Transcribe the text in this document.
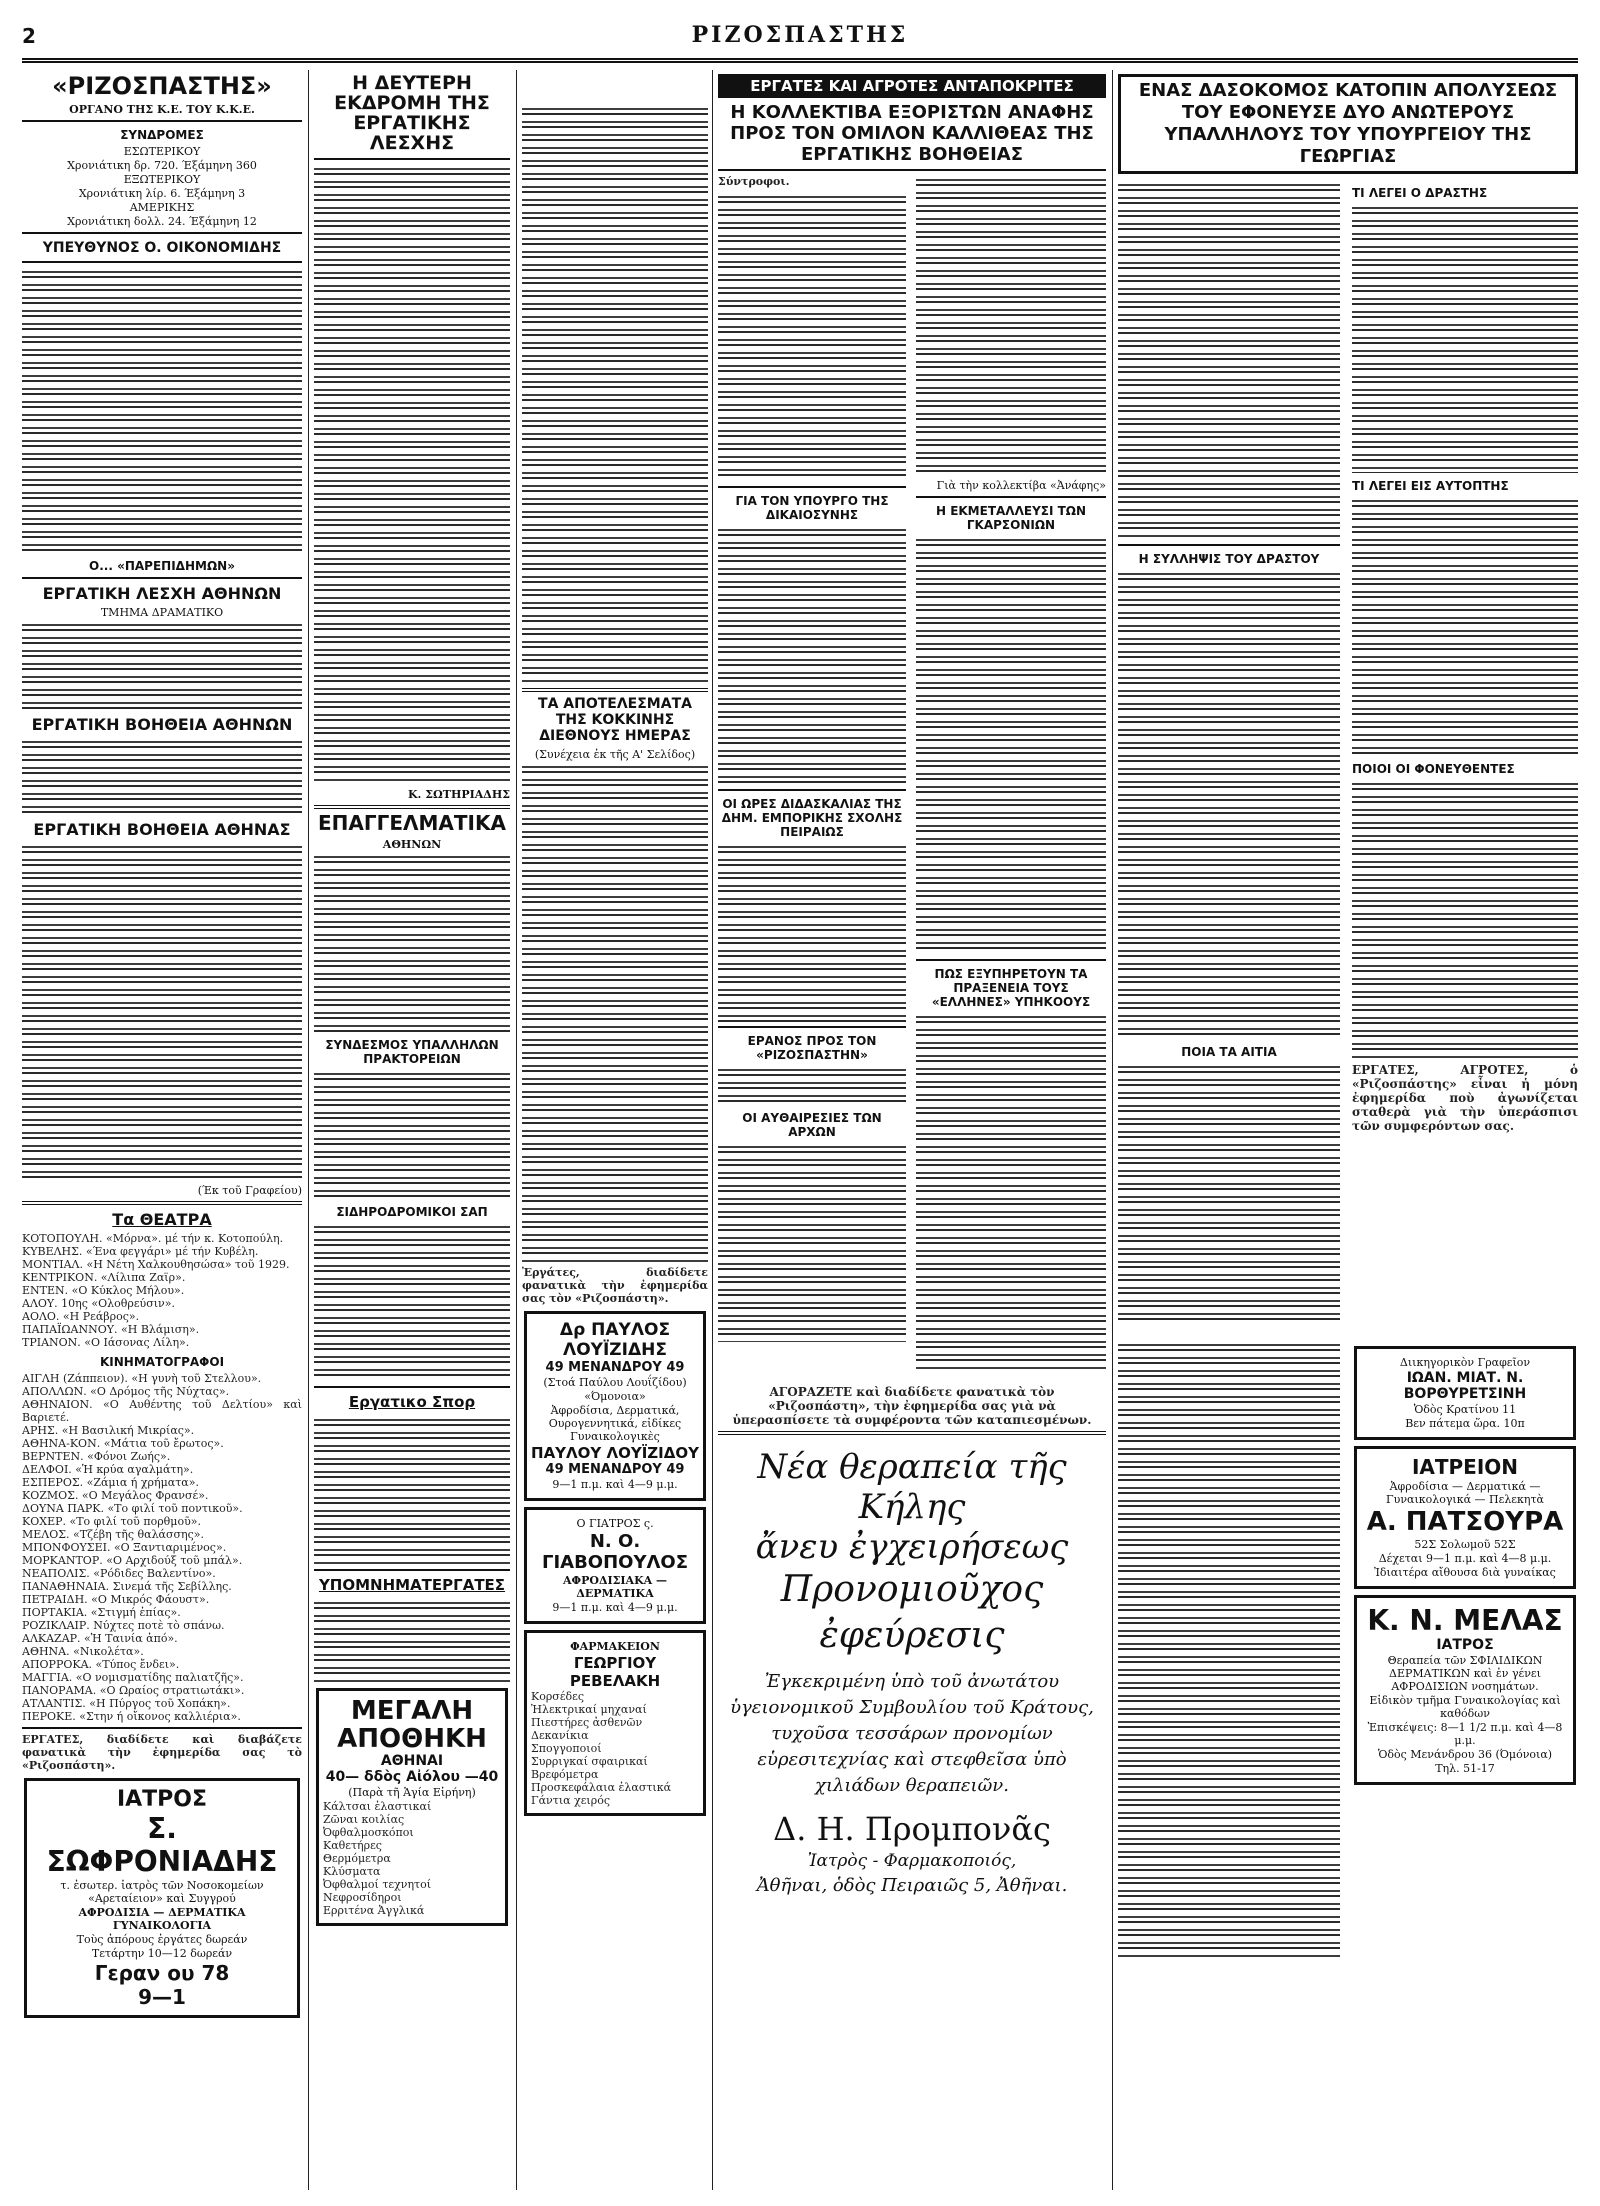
2	ΡΙΖΟΣΠΑΣΤΗΣ
«ΡΙΖΟΣΠΑΣΤΗΣ»
ΟΡΓΑΝΟ ΤΗΣ Κ.Ε. ΤΟΥ Κ.Κ.Ε.
ΣΥΝΔΡΟΜΕΣ
ΕΣΩΤΕΡΙΚΟΥ
Χρονιάτικη δρ. 720. Έξάμηνη 360
ΕΞΩΤΕΡΙΚΟΥ
Χρονιάτικη λίρ. 6. Έξάμηνη 3
ΑΜΕΡΙΚΗΣ
Χρονιάτικη δολλ. 24. Έξάμηνη 12
ΥΠΕΥΘΥΝΟΣ Ο. ΟΙΚΟΝΟΜΙΔΗΣ

Ο... «ΠΑΡΕΠΙΔΗΜΩΝ»
ΕΡΓΑΤΙΚΗ ΛΕΣΧΗ ΑΘΗΝΩΝ
ΤΜΗΜΑ ΔΡΑΜΑΤΙΚΟ

ΕΡΓΑΤΙΚΗ ΒΟΗΘΕΙΑ ΑΘΗΝΩΝ

ΕΡΓΑΤΙΚΗ ΒΟΗΘΕΙΑ ΑΘΗΝΑΣ

(Έκ τοῦ Γραφείου)
Τα ΘΕΑΤΡΑ

ΚΟΤΟΠΟΥΛΗ. «Μόρνα». μέ τήν κ. Κοτοπούλη.

ΚΥΒΕΛΗΣ. «Ένα φεγγάρι» μέ τήν Κυβέλη.

ΜΟΝΤΙΑΛ. «Η Νέτη Χαλκουθησώσα» τοῦ 1929.

ΚΕΝΤΡΙΚΟΝ. «Λίλιπα Ζαϊρ».

ΕΝΤΕΝ. «Ο Κύκλος Μήλου».

ΑΛΟΥ. 10ης «Ολοθρεύσιν».

ΑΟΛΟ. «Η Ρεάβρος».

ΠΑΠΑΪΩΑΝΝΟΥ. «Η Βλάμιση».

ΤΡΙΑΝΟΝ. «Ο Ιάσονας Λίλη».

ΚΙΝΗΜΑΤΟΓΡΑΦΟΙ

ΑΙΓΛΗ (Ζάππειον). «Η γυνὴ τοῦ Στελλου».

ΑΠΟΛΛΩΝ. «Ο Δρόμος τῆς Νύχτας».

ΑΘΗΝΑΙΟΝ. «Ο Αυθέντης τοῦ Δελτίου» καὶ Βαριετέ.

ΑΡΗΣ. «Η Βασιλική Μικρίας».

ΑΘΗΝΑ-ΚΟΝ. «Μάτια τοῦ ἔρωτος».

ΒΕΡΝΤΕΝ. «Φόνοι Ζωής».

ΔΕΛΦΟΙ. «Ἡ κρύα αγαλμάτη».

ΕΣΠΕΡΟΣ. «Ζάμια ή χρήματα».

ΚΟΖΜΟΣ. «Ο Μεγάλος Φρανσέ».

ΔΟΥΝΑ ΠΑΡΚ. «Το φιλί τοῦ ποντικοῦ».

ΚΟΧΕΡ. «Το φιλί τοῦ πορθμοῦ».

ΜΕΛΟΣ. «Τζέβη τῆς θαλάσσης».

ΜΠΟΝΦΟΥΣΕΙ. «Ο Ξαντιαριμένος».

ΜΟΡΚΑΝΤΟΡ. «Ο Αρχιδούξ τοῦ μπάλ».

ΝΕΑΠΟΛΙΣ. «Ρόδιδες Βαλεντίνο».

ΠΑΝΑΘΗΝΑΙΑ. Σινεμά τῆς Σεβίλλης.

ΠΕΤΡΑΙΔΗ. «Ο Μικρός Φάουστ».

ΠΟΡΤΑΚΙΑ. «Στιγμή ἐπίας».

ΡΟΖΙΚΛΑΙΡ. Νύχτες ποτὲ τὸ σπάνω.

ΑΛΚΑΖΑΡ. «Ἡ Ταινία ἀπό».

ΑΘΗΝΑ. «Νικολέτα».

ΑΠΟΡΡΟΚΑ. «Τύπος ἔνδει».

ΜΑΓΓΙΑ. «Ο νομισματίδης παλιατζῆς».

ΠΑΝΟΡΑΜΑ. «Ο Ωραίος στρατιωτάκι».

ΑΤΛΑΝΤΙΣ. «Η Πύργος τοῦ Χοπάκη».

ΠΕΡΟΚΕ. «Στην ή οἴκονος καλλιέρια».

ΕΡΓΑΤΕΣ, διαδίδετε καὶ διαβάζετε φανατικὰ τὴν ἐφημερίδα σας τὸ «Ριζοσπάστη».

ΙΑΤΡΟΣ
Σ. ΣΩΦΡΟΝΙΑΔΗΣ
τ. ἐσωτερ. ἰατρὸς τῶν Νοσοκομείων «Αρεταίειον» καὶ Συγγρού
ΑΦΡΟΔΙΣΙΑ — ΔΕΡΜΑΤΙΚΑ ΓΥΝΑΙΚΟΛΟΓΙΑ
Τοὺς ἀπόρους ἐργάτες δωρεάν
Τετάρτην 10—12 δωρεάν
Γεραν ου 78
9—1
Η ΔΕΥΤΕΡΗ ΕΚΔΡΟΜΗ ΤΗΣ ΕΡΓΑΤΙΚΗΣ ΛΕΣΧΗΣ

Κ. ΣΩΤΗΡΙΑΔΗΣ
ΕΠΑΓΓΕΛΜΑΤΙΚΑ
ΑΘΗΝΩΝ

ΣΥΝΔΕΣΜΟΣ ΥΠΑΛΛΗΛΩΝ ΠΡΑΚΤΟΡΕΙΩΝ

ΣΙΔΗΡΟΔΡΟΜΙΚΟΙ ΣΑΠ

Εργατικο Σπορ

ΥΠΟΜΝΗΜΑΤΕΡΓΑΤΕΣ

ΜΕΓΑΛΗ ΑΠΟΘΗΚΗ
ΑΘΗΝΑΙ
40— δδὸς Αἰόλου —40
(Παρὰ τῆ Ἁγία Εἰρήνη)

Κάλτσαι ἐλαστικαί

Ζῶναι κοιλίας

Ὀφθαλμοσκόποι

Καθετήρες

Θερμόμετρα

Κλύσματα

Ὀφθαλμοί τεχνητοί

Νεφροσίδηροι

Ερριτένα Ἀγγλικά

ΤΑ ΑΠΟΤΕΛΕΣΜΑΤΑ ΤΗΣ ΚΟΚΚΙΝΗΣ ΔΙΕΘΝΟΥΣ ΗΜΕΡΑΣ
(Συνέχεια ἐκ τῆς Α' Σελίδος)

Ἐργάτες, διαδίδετε φανατικὰ τὴν ἐφημερίδα σας τὸν «Ριζοσπάστη».

Δρ ΠΑΥΛΟΣ ΛΟΥΪΖΙΔΗΣ
49 ΜΕΝΑΝΔΡΟΥ 49
(Στοά Παύλου Λουΐζίδου)
«Όμονοια»
Ἀφροδίσια, Δερματικά, Ουρογεννητικά, εἰδίκες Γυναικολογικὲς
ΠΑΥΛΟΥ ΛΟΥΪΖΙΔΟΥ
49 ΜΕΝΑΝΔΡΟΥ 49
9—1 π.μ. καὶ 4—9 μ.μ.
Ο ΓΙΑΤΡΟΣ ς.
Ν. Ο. ΓΙΑΒΟΠΟΥΛΟΣ
ΑΦΡΟΔΙΣΙΑΚΑ — ΔΕΡΜΑΤΙΚΑ
9—1 π.μ. καὶ 4—9 μ.μ.
ΦΑΡΜΑΚΕΙΟΝ
ΓΕΩΡΓΙΟΥ ΡΕΒΕΛΑΚΗ

Κορσέδες

Ἠλεκτρικαί μηχαναί

Πιεστήρες ἀσθενῶν

Δεκανίκια

Σπογγοποιοί

Συρριγκαί σφαιρικαί

Βρεφόμετρα

Προσκεφάλαια ἐλαστικά

Γάντια χειρός

ΕΡΓΑΤΕΣ ΚΑΙ ΑΓΡΟΤΕΣ ΑΝΤΑΠΟΚΡΙΤΕΣ
Η ΚΟΛΛΕΚΤΙΒΑ ΕΞΟΡΙΣΤΩΝ ΑΝΑΦΗΣ ΠΡΟΣ ΤΟΝ ΟΜΙΛΟΝ ΚΑΛΛΙΘΕΑΣ ΤΗΣ ΕΡΓΑΤΙΚΗΣ ΒΟΗΘΕΙΑΣ

Σύντροφοι.

ΓΙΑ ΤΟΝ ΥΠΟΥΡΓΟ ΤΗΣ ΔΙΚΑΙΟΣΥΝΗΣ

ΟΙ ΩΡΕΣ ΔΙΔΑΣΚΑΛΙΑΣ ΤΗΣ ΔΗΜ. ΕΜΠΟΡΙΚΗΣ ΣΧΟΛΗΣ ΠΕΙΡΑΙΩΣ

ΕΡΑΝΟΣ ΠΡΟΣ ΤΟΝ «ΡΙΖΟΣΠΑΣΤΗΝ»

ΟΙ ΑΥΘΑΙΡΕΣΙΕΣ ΤΩΝ ΑΡΧΩΝ

Γιὰ τὴν κολλεκτίβα «Ἀνάφης»
Η ΕΚΜΕΤΑΛΛΕΥΣΙ ΤΩΝ ΓΚΑΡΣΟΝΙΩΝ

ΠΩΣ ΕΞΥΠΗΡΕΤΟΥΝ ΤΑ ΠΡΑΞΕΝΕΙΑ ΤΟΥΣ «ΕΛΛΗΝΕΣ» ΥΠΗΚΟΟΥΣ

ΑΓΟΡΑΖΕΤΕ καὶ διαδίδετε φανατικὰ τὸν «Ριζοσπάστη», τὴν ἐφημερίδα σας γιὰ νὰ ὑπερασπίσετε τὰ συμφέροντα τῶν καταπιεσμένων.

Νέα θεραπεία τῆς Κήλης
ἄνευ ἐγχειρήσεως
Προνομιοῦχος ἐφεύρεσις
Ἐγκεκριμένη ὑπὸ τοῦ ἀνωτάτου ὑγειονομικοῦ Συμβουλίου τοῦ Κράτους, τυχοῦσα τεσσάρων προνομίων εὑρεσιτεχνίας καὶ στεφθεῖσα ὑπὸ χιλιάδων θεραπειῶν.
Δ. Η. Προμπονᾶς
Ἰατρὸς - Φαρμακοποιός,
Ἀθῆναι, ὁδὸς Πειραιῶς 5, Ἀθῆναι.
ΕΝΑΣ ΔΑΣΟΚΟΜΟΣ ΚΑΤΟΠΙΝ ΑΠΟΛΥΣΕΩΣ ΤΟΥ ΕΦΟΝΕΥΣΕ ΔΥΟ ΑΝΩΤΕΡΟΥΣ ΥΠΑΛΛΗΛΟΥΣ ΤΟΥ ΥΠΟΥΡΓΕΙΟΥ ΤΗΣ ΓΕΩΡΓΙΑΣ

Η ΣΥΛΛΗΨΙΣ ΤΟΥ ΔΡΑΣΤΟΥ

ΠΟΙΑ ΤΑ ΑΙΤΙΑ

ΤΙ ΛΕΓΕΙ Ο ΔΡΑΣΤΗΣ

ΤΙ ΛΕΓΕΙ ΕΙΣ ΑΥΤΟΠΤΗΣ

ΠΟΙΟΙ ΟΙ ΦΟΝΕΥΘΕΝΤΕΣ

ΕΡΓΑΤΕΣ, ΑΓΡΟΤΕΣ, ὁ «Ριζοσπάστης» εἶναι ἡ μόνη ἐφημερίδα ποὺ ἀγωνίζεται σταθερὰ γιὰ τὴν ὑπεράσπισι τῶν συμφερόντων σας.

Διικηγορικὸν Γραφεῖον
ΙΩΑΝ. ΜΙΑΤ. Ν. ΒΟΡΘΥΡΕΤΣΙΝΗ
Ὁδὸς Κρατίνου 11
Βεν πάτεμα ὥρα. 10π
ΙΑΤΡΕΙΟΝ
Ἀφροδίσια — Δερματικά — Γυναικολογικά — Πελεκητὰ
Α. ΠΑΤΣΟΥΡΑ
52Σ Σολωμοῦ 52Σ
Δέχεται 9—1 π.μ. καὶ 4—8 μ.μ.
Ἰδιαιτέρα αἴθουσα διὰ γυναίκας
Κ. Ν. ΜΕΛΑΣ
ΙΑΤΡΟΣ
Θεραπεία τῶν ΣΦΙΛΙΔΙΚΩΝ ΔΕΡΜΑΤΙΚΩΝ καὶ ἐν γένει ΑΦΡΟΔΙΣΙΩΝ νοσημάτων.
Εἰδικὸν τμῆμα Γυναικολογίας καὶ καθόδων
Ἐπισκέψεις: 8—1 1/2 π.μ. καὶ 4—8 μ.μ.
Ὁδὸς Μενάνδρου 36 (Όμόνοια)
Τηλ. 51-17
